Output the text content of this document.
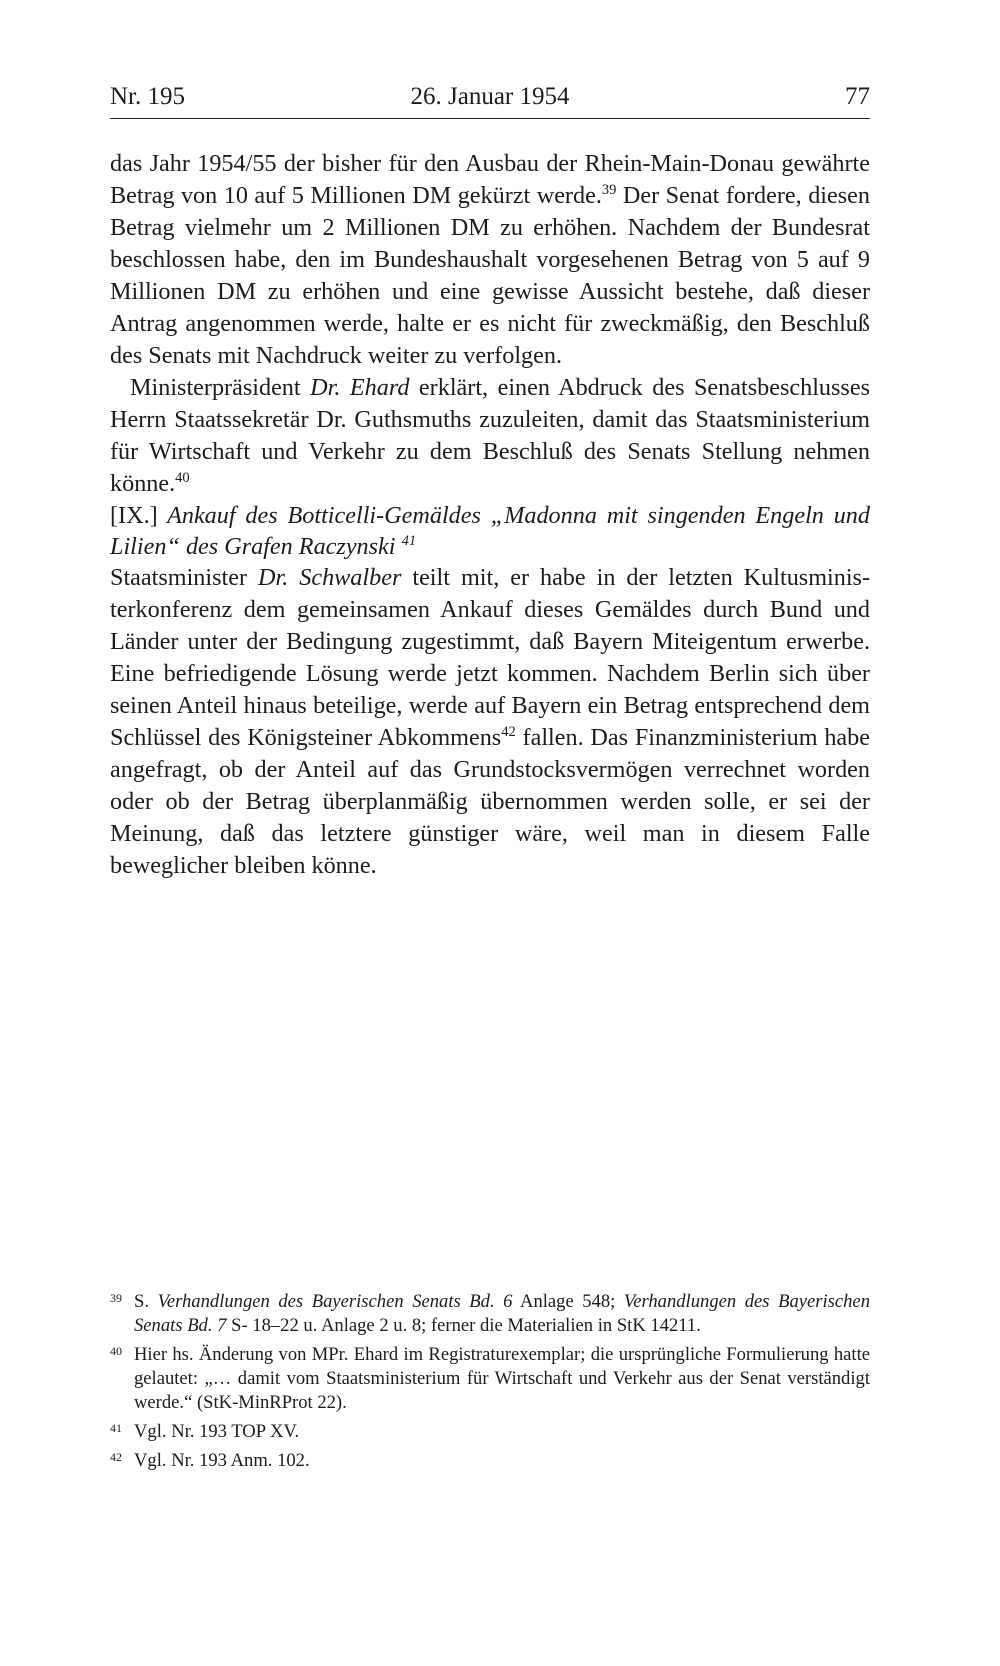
Nr. 195	26. Januar 1954	77

das Jahr 1954/55 der bisher für den Ausbau der Rhein-Main-Donau gewährte Betrag von 10 auf 5 Millionen DM gekürzt werde.$^{39}$ Der Senat fordere, diesen Betrag vielmehr um 2 Millionen DM zu erhöhen. Nachdem der Bundesrat beschlossen habe, den im Bundeshaushalt vorgesehenen Betrag von 5 auf 9 Millionen DM zu erhöhen und eine gewisse Aussicht bestehe, daß dieser Antrag angenommen werde, halte er es nicht für zweckmäßig, den Beschluß des Senats mit Nachdruck weiter zu verfolgen.

Ministerpräsident Dr. Ehard erklärt, einen Abdruck des Senatsbeschlusses Herrn Staatssekretär Dr. Guthsmuths zuzuleiten, damit das Staatsministerium für Wirtschaft und Verkehr zu dem Beschluß des Senats Stellung nehmen könne.$^{40}$

[IX.] Ankauf des Botticelli-Gemäldes „Madonna mit singenden Engeln und Lilien“ des Grafen Raczynski $^{41}$

Staatsminister Dr. Schwalber teilt mit, er habe in der letzten Kultusministerkonferenz dem gemeinsamen Ankauf dieses Gemäldes durch Bund und Länder unter der Bedingung zugestimmt, daß Bayern Miteigentum erwerbe. Eine befriedigende Lösung werde jetzt kommen. Nachdem Berlin sich über seinen Anteil hinaus beteilige, werde auf Bayern ein Betrag entsprechend dem Schlüssel des Königsteiner Abkommens$^{42}$ fallen. Das Finanzministerium habe angefragt, ob der Anteil auf das Grundstocksvermögen verrechnet worden oder ob der Betrag überplanmäßig übernommen werden solle, er sei der Meinung, daß das letztere günstiger wäre, weil man in diesem Falle beweglicher bleiben könne.

39 S. Verhandlungen des Bayerischen Senats Bd. 6 Anlage 548; Verhandlungen des Bayerischen Senats Bd. 7 S- 18–22 u. Anlage 2 u. 8; ferner die Materialien in StK 14211.
40 Hier hs. Änderung von MPr. Ehard im Registraturexemplar; die ursprüngliche Formulierung hatte gelautet: „… damit vom Staatsministerium für Wirtschaft und Verkehr aus der Senat verständigt werde.“ (StK-MinRProt 22).
41 Vgl. Nr. 193 TOP XV.
42 Vgl. Nr. 193 Anm. 102.
